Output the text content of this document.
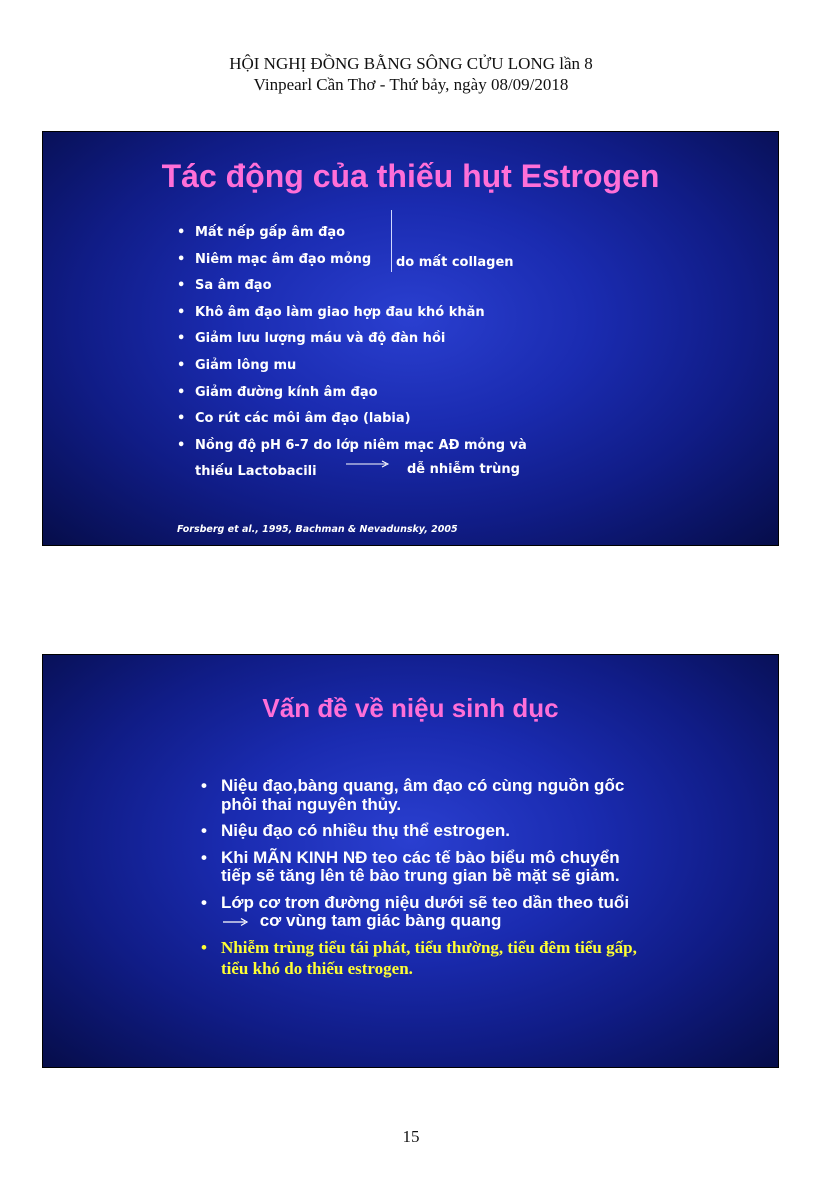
HỘI NGHỊ ĐỒNG BẰNG SÔNG CỬU LONG lần 8
Vinpearl Cần Thơ - Thứ bảy, ngày 08/09/2018
Tác động của thiếu hụt Estrogen
• Mất nếp gấp âm đạo
• Niêm mạc âm đạo mỏng
• Sa âm đạo
• Khô âm đạo làm giao hợp đau khó khăn
• Giảm lưu lượng máu và độ đàn hồi
• Giảm lông mu
• Giảm đường kính âm đạo
• Co rút các môi âm đạo (labia)
• Nồng độ pH 6-7 do lớp niêm mạc AĐ mỏng và
thiếu Lactobacili
do mất collagen
dễ nhiễm trùng
Forsberg et al., 1995, Bachman & Nevadunsky, 2005
Vấn đề về niệu sinh dục
• Niệu đạo,bàng quang, âm đạo có cùng nguồn gốc phôi thai nguyên thủy.
• Niệu đạo có nhiều thụ thể estrogen.
• Khi MÃN KINH NĐ teo các tế bào biểu mô chuyển tiếp sẽ tăng lên tê bào trung gian bề mặt sẽ giảm.
• Lớp cơ trơn đường niệu dưới sẽ teo dần theo tuổi cơ vùng tam giác bàng quang
• Nhiễm trùng tiểu tái phát, tiểu thường, tiểu đêm tiểu gấp, tiểu khó do thiếu estrogen.
15
